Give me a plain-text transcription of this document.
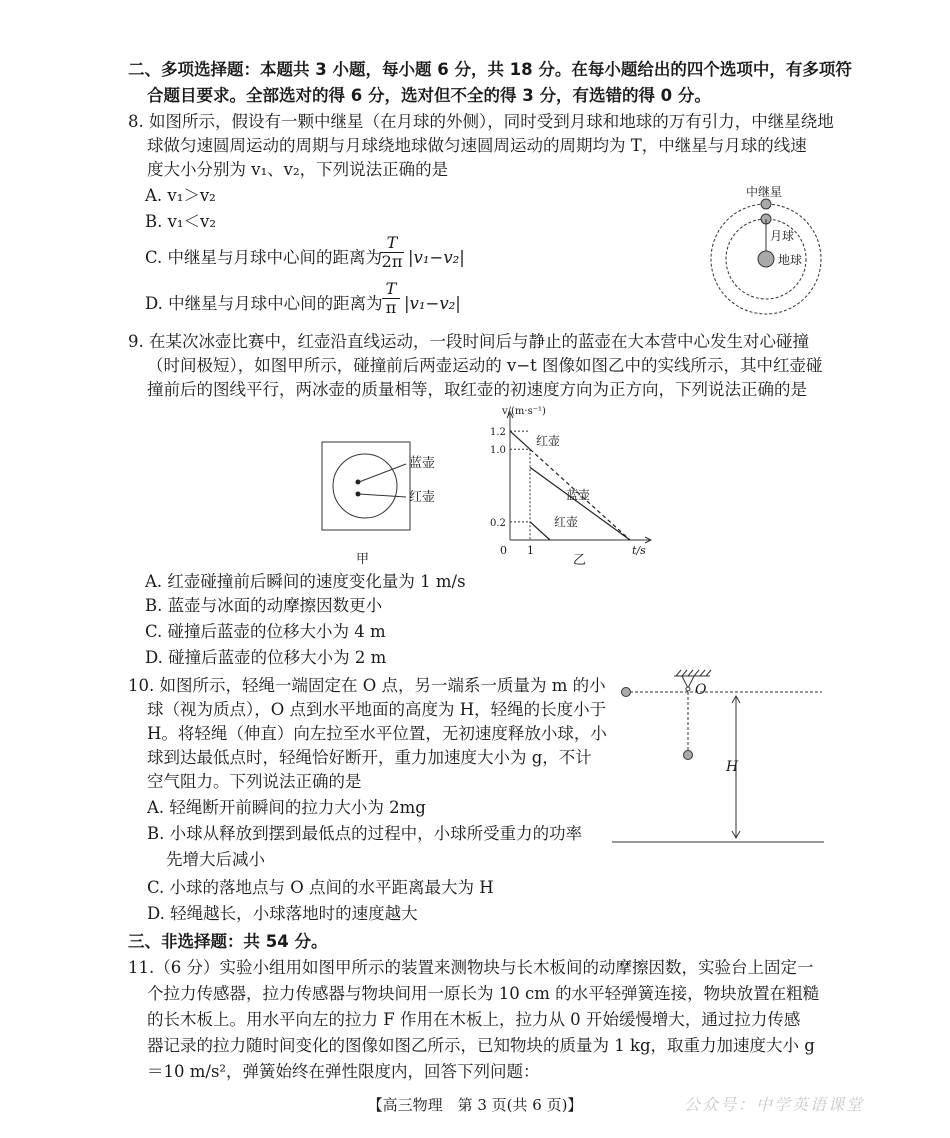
二、多项选择题：本题共 3 小题，每小题 6 分，共 18 分。在每小题给出的四个选项中，有多项符
合题目要求。全部选对的得 6 分，选对但不全的得 3 分，有选错的得 0 分。
8. 如图所示，假设有一颗中继星（在月球的外侧），同时受到月球和地球的万有引力，中继星绕地
球做匀速圆周运动的周期与月球绕地球做匀速圆周运动的周期均为 T，中继星与月球的线速
度大小分别为 v₁、v₂，下列说法正确的是
A. v₁＞v₂
B. v₁＜v₂
C. 中继星与月球中心间的距离为
$\frac{T}{2\pi} |v_1-v_2|$
D. 中继星与月球中心间的距离为 $\frac{T}{\pi} |v_1-v_2|$
中继星
月球
地球
9. 在某次冰壶比赛中，红壶沿直线运动，一段时间后与静止的蓝壶在大本营中心发生对心碰撞
（时间极短），如图甲所示，碰撞前后两壶运动的 v−t 图像如图乙中的实线所示，其中红壶碰
撞前后的图线平行，两冰壶的质量相等，取红壶的初速度方向为正方向，下列说法正确的是
蓝壶
红壶
甲
v/(m·s⁻¹)
t/s
0 1
0.2
1.0
1.2
红壶
蓝壶
红壶
乙
A. 红壶碰撞前后瞬间的速度变化量为 1 m/s
B. 蓝壶与冰面的动摩擦因数更小
C. 碰撞后蓝壶的位移大小为 4 m
D. 碰撞后蓝壶的位移大小为 2 m
10. 如图所示，轻绳一端固定在 O 点，另一端系一质量为 m 的小
球（视为质点），O 点到水平地面的高度为 H，轻绳的长度小于
H。将轻绳（伸直）向左拉至水平位置，无初速度释放小球，小
球到达最低点时，轻绳恰好断开，重力加速度大小为 g，不计
空气阻力。下列说法正确的是
A. 轻绳断开前瞬间的拉力大小为 2mg
B. 小球从释放到摆到最低点的过程中，小球所受重力的功率
先增大后减小
C. 小球的落地点与 O 点间的水平距离最大为 H
D. 轻绳越长，小球落地时的速度越大
O
H
三、非选择题：共 54 分。
11.（6 分）实验小组用如图甲所示的装置来测物块与长木板间的动摩擦因数，实验台上固定一
个拉力传感器，拉力传感器与物块间用一原长为 10 cm 的水平轻弹簧连接，物块放置在粗糙
的长木板上。用水平向左的拉力 F 作用在木板上，拉力从 0 开始缓慢增大，通过拉力传感
器记录的拉力随时间变化的图像如图乙所示，已知物块的质量为 1 kg，取重力加速度大小 g
＝10 m/s²，弹簧始终在弹性限度内，回答下列问题：
【高三物理　第 3 页(共 6 页)】	公众号：中学英语课堂
